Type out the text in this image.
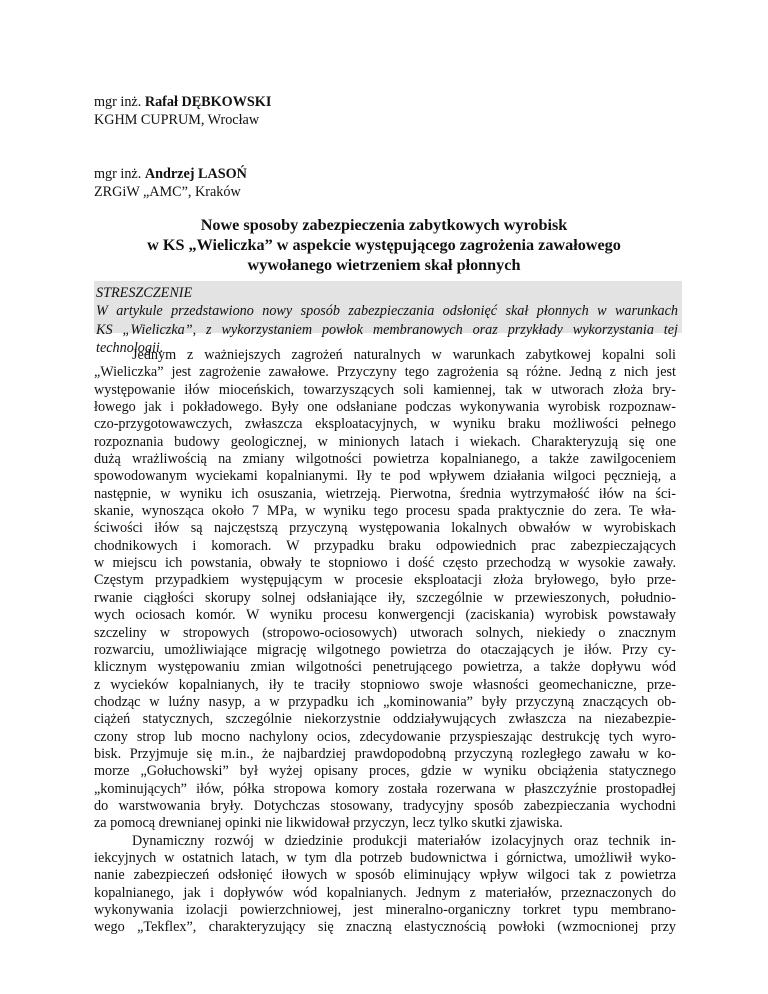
mgr inż. Rafał DĘBKOWSKI
KGHM CUPRUM, Wrocław
mgr inż. Andrzej LASOŃ
ZRGiW „AMC”, Kraków
Nowe sposoby zabezpieczenia zabytkowych wyrobisk
w KS „Wieliczka” w aspekcie występującego zagrożenia zawałowego
wywołanego wietrzeniem skał płonnych
STRESZCZENIE
W artykule przedstawiono nowy sposób zabezpieczania odsłonięć skał płonnych w warunkach
KS „Wieliczka”, z wykorzystaniem powłok membranowych oraz przykłady wykorzystania tej
technologii.
Jednym z ważniejszych zagrożeń naturalnych w warunkach zabytkowej kopalni soli
„Wieliczka” jest zagrożenie zawałowe. Przyczyny tego zagrożenia są różne. Jedną z nich jest
występowanie iłów mioceńskich, towarzyszących soli kamiennej, tak w utworach złoża bry-
łowego jak i pokładowego. Były one odsłaniane podczas wykonywania wyrobisk rozpoznaw-
czo-przygotowawczych, zwłaszcza eksploatacyjnych, w wyniku braku możliwości pełnego
rozpoznania budowy geologicznej, w minionych latach i wiekach. Charakteryzują się one
dużą wrażliwością na zmiany wilgotności powietrza kopalnianego, a także zawilgoceniem
spowodowanym wyciekami kopalnianymi. Iły te pod wpływem działania wilgoci pęcznieją, a
następnie, w wyniku ich osuszania, wietrzeją. Pierwotna, średnia wytrzymałość iłów na ści-
skanie, wynosząca około 7 MPa, w wyniku tego procesu spada praktycznie do zera. Te wła-
ściwości iłów są najczęstszą przyczyną występowania lokalnych obwałów w wyrobiskach
chodnikowych i komorach. W przypadku braku odpowiednich prac zabezpieczających
w miejscu ich powstania, obwały te stopniowo i dość często przechodzą w wysokie zawały.
Częstym przypadkiem występującym w procesie eksploatacji złoża bryłowego, było prze-
rwanie ciągłości skorupy solnej odsłaniające iły, szczególnie w przewieszonych, południo-
wych ociosach komór. W wyniku procesu konwergencji (zaciskania) wyrobisk powstawały
szczeliny w stropowych (stropowo-ociosowych) utworach solnych, niekiedy o znacznym
rozwarciu, umożliwiające migrację wilgotnego powietrza do otaczających je iłów. Przy cy-
klicznym występowaniu zmian wilgotności penetrującego powietrza, a także dopływu wód
z wycieków kopalnianych, iły te traciły stopniowo swoje własności geomechaniczne, prze-
chodząc w luźny nasyp, a w przypadku ich „kominowania” były przyczyną znaczących ob-
ciążeń statycznych, szczególnie niekorzystnie oddziaływujących zwłaszcza na niezabezpie-
czony strop lub mocno nachylony ocios, zdecydowanie przyspieszając destrukcję tych wyro-
bisk. Przyjmuje się m.in., że najbardziej prawdopodobną przyczyną rozległego zawału w ko-
morze „Gołuchowski” był wyżej opisany proces, gdzie w wyniku obciążenia statycznego
„kominujących” iłów, półka stropowa komory została rozerwana w płaszczyźnie prostopadłej
do warstwowania bryły. Dotychczas stosowany, tradycyjny sposób zabezpieczania wychodni
za pomocą drewnianej opinki nie likwidował przyczyn, lecz tylko skutki zjawiska.
Dynamiczny rozwój w dziedzinie produkcji materiałów izolacyjnych oraz technik in-
iekcyjnych w ostatnich latach, w tym dla potrzeb budownictwa i górnictwa, umożliwił wyko-
nanie zabezpieczeń odsłonięć iłowych w sposób eliminujący wpływ wilgoci tak z powietrza
kopalnianego, jak i dopływów wód kopalnianych. Jednym z materiałów, przeznaczonych do
wykonywania izolacji powierzchniowej, jest mineralno-organiczny torkret typu membrano-
wego „Tekflex”, charakteryzujący się znaczną elastycznością powłoki (wzmocnionej przy
